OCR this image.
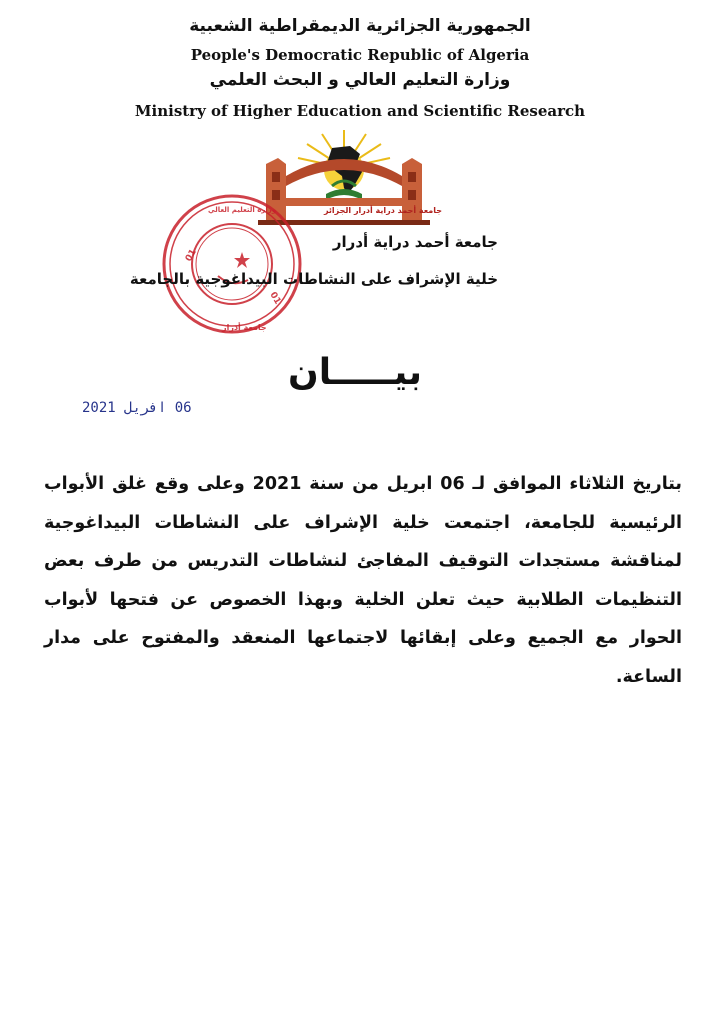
الجمهورية الجزائرية الديمقراطية الشعبية
People's Democratic Republic of Algeria
وزارة التعليم العالي و البحث العلمي
Ministry of Higher Education and Scientific Research
جامعة أحمد دراية أدرار الجزائر
01
01
جامعة أدرار
وزارة التعليم العالي
جامعة أحمد دراية أدرار
خلية الإشراف على النشاطات البيداغوجية بالجامعة
بيـــــان
06 افريل 2021
بتاريخ الثلاثاء الموافق لـ 06 ابريل من سنة 2021 وعلى وقع غلق الأبواب الرئيسية للجامعة، اجتمعت خلية الإشراف على النشاطات البيداغوجية لمناقشة مستجدات التوقيف المفاجئ لنشاطات التدريس من طرف بعض التنظيمات الطلابية حيث تعلن الخلية وبهذا الخصوص عن فتحها لأبواب الحوار مع الجميع وعلى إبقائها لاجتماعها المنعقد والمفتوح على مدار الساعة.
